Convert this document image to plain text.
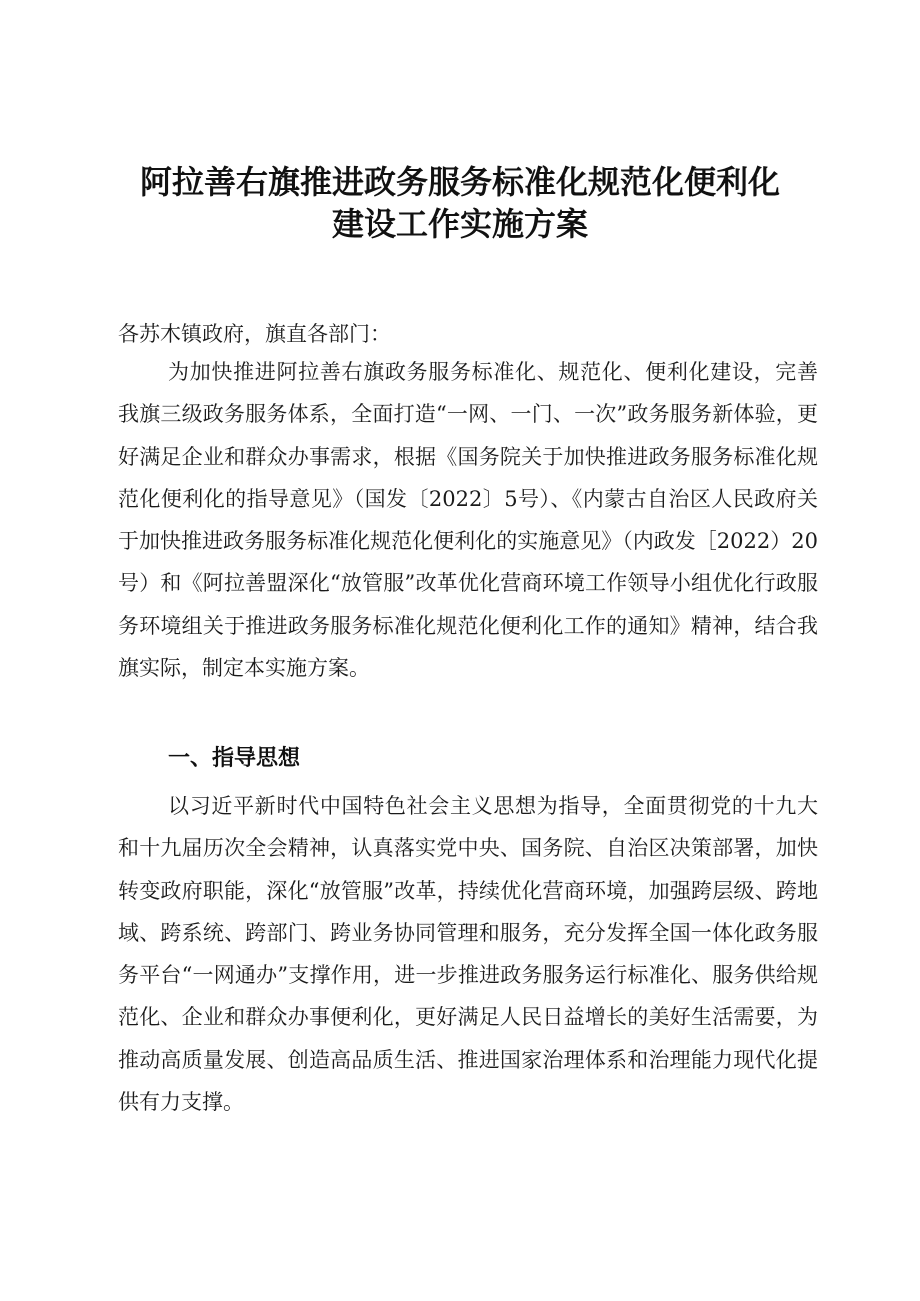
阿拉善右旗推进政务服务标准化规范化便利化
建设工作实施方案
各苏木镇政府，旗直各部门：
为加快推进阿拉善右旗政务服务标准化、规范化、便利化建设，完善我旗三级政务服务体系，全面打造“一网、一门、一次”政务服务新体验，更好满足企业和群众办事需求，根据《国务院关于加快推进政务服务标准化规范化便利化的指导意见》（国发〔2022〕5号）、《内蒙古自治区人民政府关于加快推进政务服务标准化规范化便利化的实施意见》（内政发［2022）20号）和《阿拉善盟深化“放管服”改革优化营商环境工作领导小组优化行政服务环境组关于推进政务服务标准化规范化便利化工作的通知》精神，结合我旗实际，制定本实施方案。
一、指导思想
以习近平新时代中国特色社会主义思想为指导，全面贯彻党的十九大和十九届历次全会精神，认真落实党中央、国务院、自治区决策部署，加快转变政府职能，深化“放管服”改革，持续优化营商环境，加强跨层级、跨地域、跨系统、跨部门、跨业务协同管理和服务，充分发挥全国一体化政务服务平台“一网通办”支撑作用，进一步推进政务服务运行标准化、服务供给规范化、企业和群众办事便利化，更好满足人民日益增长的美好生活需要，为推动高质量发展、创造高品质生活、推进国家治理体系和治理能力现代化提供有力支撑。
